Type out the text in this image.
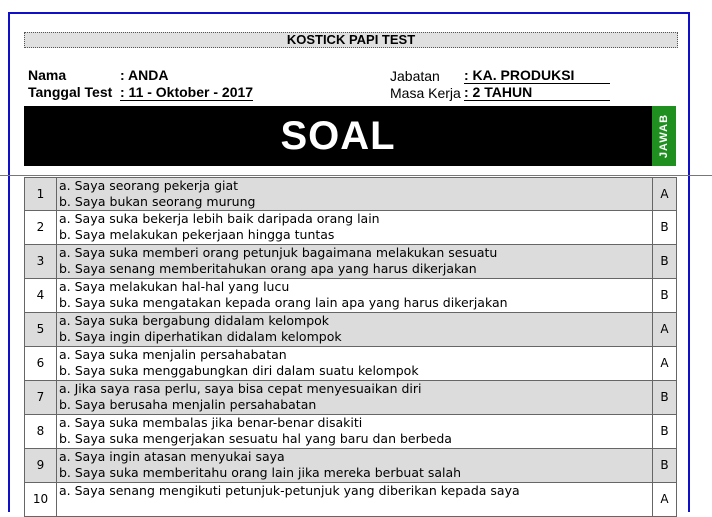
KOSTICK PAPI TEST
Nama	: ANDA
Tanggal Test : 11 - Oktober - 2017
Jabatan : KA. PRODUKSI
Masa Kerja : 2 TAHUN
SOAL	JAWAB
1
a. Saya seorang pekerja giat
b. Saya bukan seorang murung	A
2
a. Saya suka bekerja lebih baik daripada orang lain
b. Saya melakukan pekerjaan hingga tuntas	B
3
a. Saya suka memberi orang petunjuk bagaimana melakukan sesuatu
b. Saya senang memberitahukan orang apa yang harus dikerjakan	B
4
a. Saya melakukan hal-hal yang lucu
b. Saya suka mengatakan kepada orang lain apa yang harus dikerjakan	B
5
a. Saya suka bergabung didalam kelompok
b. Saya ingin diperhatikan didalam kelompok	A
6
a. Saya suka menjalin persahabatan
b. Saya suka menggabungkan diri dalam suatu kelompok	A
7
a. Jika saya rasa perlu, saya bisa cepat menyesuaikan diri
b. Saya berusaha menjalin persahabatan	B
8
a. Saya suka membalas jika benar-benar disakiti
b. Saya suka mengerjakan sesuatu hal yang baru dan berbeda	B
9
a. Saya ingin atasan menyukai saya
b. Saya suka memberitahu orang lain jika mereka berbuat salah	B
10
a. Saya senang mengikuti petunjuk-petunjuk yang diberikan kepada saya
A
